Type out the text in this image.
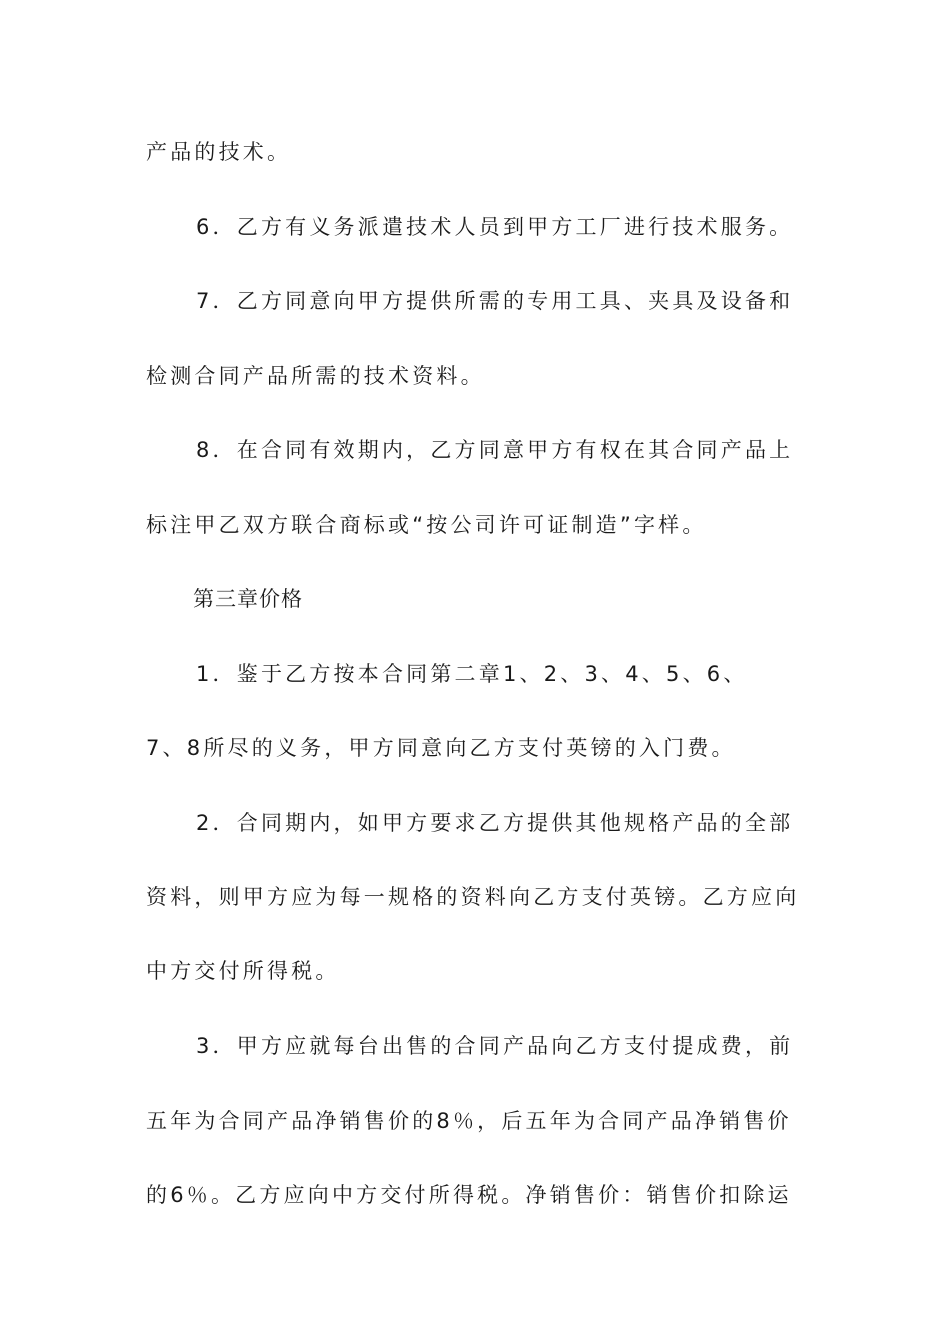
产品的技术。
6．乙方有义务派遣技术人员到甲方工厂进行技术服务。
7．乙方同意向甲方提供所需的专用工具、夹具及设备和
检测合同产品所需的技术资料。
8．在合同有效期内，乙方同意甲方有权在其合同产品上
标注甲乙双方联合商标或“按公司许可证制造”字样。
第三章价格
1．鉴于乙方按本合同第二章1、2、3、4、5、6、
7、8所尽的义务，甲方同意向乙方支付英镑的入门费。
2．合同期内，如甲方要求乙方提供其他规格产品的全部
资料，则甲方应为每一规格的资料向乙方支付英镑。乙方应向
中方交付所得税。
3．甲方应就每台出售的合同产品向乙方支付提成费，前
五年为合同产品净销售价的8％，后五年为合同产品净销售价
的6％。乙方应向中方交付所得税。净销售价：销售价扣除运
